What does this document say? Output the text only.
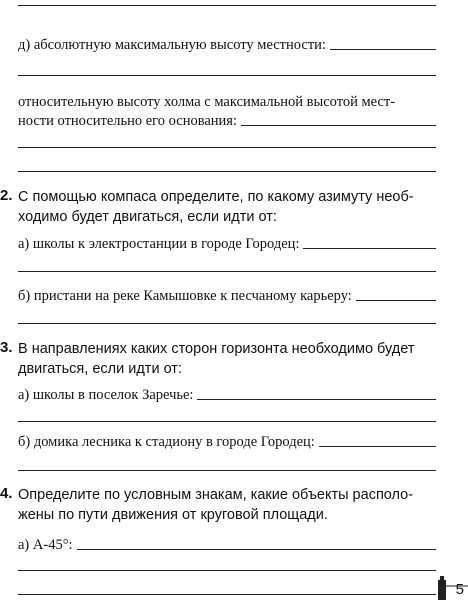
д) абсолютную максимальную высоту местности:
относительную высоту холма с максимальной высотой мест-
ности относительно его основания:
2. С помощью компаса определите, по какому азимуту необ-
ходимо будет двигаться, если идти от:
а) школы к электростанции в городе Городец:
б) пристани на реке Камышовке к песчаному карьеру:
3. В направлениях каких сторон горизонта необходимо будет
двигаться, если идти от:
а) школы в поселок Заречье:
б) домика лесника к стадиону в городе Городец:
4. Определите по условным знакам, какие объекты располо-
жены по пути движения от круговой площади.
а) А-45°:
5
